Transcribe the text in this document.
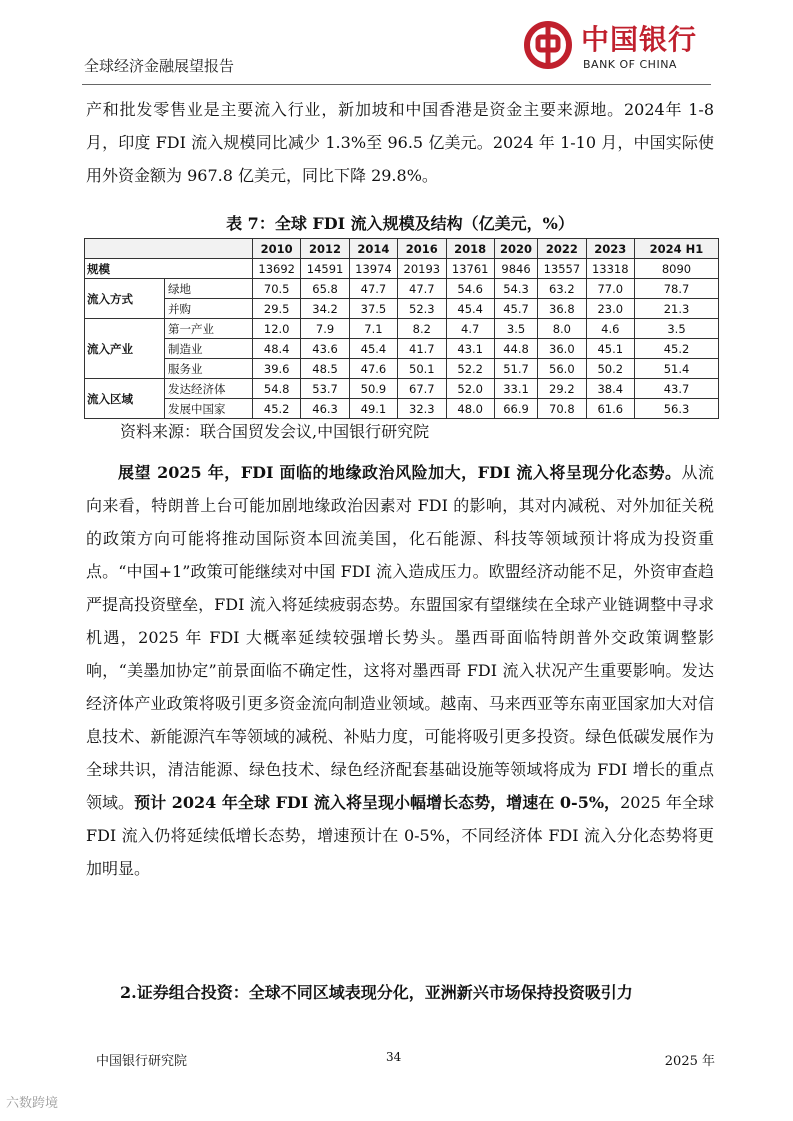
全球经济金融展望报告
中国银行
BANK OF CHINA
产和批发零售业是主要流入行业，新加坡和中国香港是资金主要来源地。2024年 1-8 月，印度 FDI 流入规模同比减少 1.3%至 96.5 亿美元。2024 年 1-10 月，中国实际使用外资金额为 967.8 亿美元，同比下降 29.8%。
表 7：全球 FDI 流入规模及结构（亿美元，%）
		2010	2012	2014	2016	2018	2020	2022	2023	2024 H1
规模		13692	14591	13974	20193	13761	9846	13557	13318	8090
流入方式	绿地	70.5	65.8	47.7	47.7	54.6	54.3	63.2	77.0	78.7
	并购	29.5	34.2	37.5	52.3	45.4	45.7	36.8	23.0	21.3
流入产业	第一产业	12.0	7.9	7.1	8.2	4.7	3.5	8.0	4.6	3.5
	制造业	48.4	43.6	45.4	41.7	43.1	44.8	36.0	45.1	45.2
	服务业	39.6	48.5	47.6	50.1	52.2	51.7	56.0	50.2	51.4
流入区域	发达经济体	54.8	53.7	50.9	67.7	52.0	33.1	29.2	38.4	43.7
	发展中国家	45.2	46.3	49.1	32.3	48.0	66.9	70.8	61.6	56.3
资料来源：联合国贸发会议,中国银行研究院
展望 2025 年，FDI 面临的地缘政治风险加大，FDI 流入将呈现分化态势。从流向来看，特朗普上台可能加剧地缘政治因素对 FDI 的影响，其对内减税、对外加征关税的政策方向可能将推动国际资本回流美国，化石能源、科技等领域预计将成为投资重点。“中国+1”政策可能继续对中国 FDI 流入造成压力。欧盟经济动能不足，外资审查趋严提高投资壁垒，FDI 流入将延续疲弱态势。东盟国家有望继续在全球产业链调整中寻求机遇，2025 年 FDI 大概率延续较强增长势头。墨西哥面临特朗普外交政策调整影响，“美墨加协定”前景面临不确定性，这将对墨西哥 FDI 流入状况产生重要影响。发达经济体产业政策将吸引更多资金流向制造业领域。越南、马来西亚等东南亚国家加大对信息技术、新能源汽车等领域的减税、补贴力度，可能将吸引更多投资。绿色低碳发展作为全球共识，清洁能源、绿色技术、绿色经济配套基础设施等领域将成为 FDI 增长的重点领域。预计 2024 年全球 FDI 流入将呈现小幅增长态势，增速在 0-5%，2025 年全球 FDI 流入仍将延续低增长态势，增速预计在 0-5%，不同经济体 FDI 流入分化态势将更加明显。
2.证券组合投资：全球不同区域表现分化，亚洲新兴市场保持投资吸引力
中国银行研究院	34	2025 年
六数跨境
